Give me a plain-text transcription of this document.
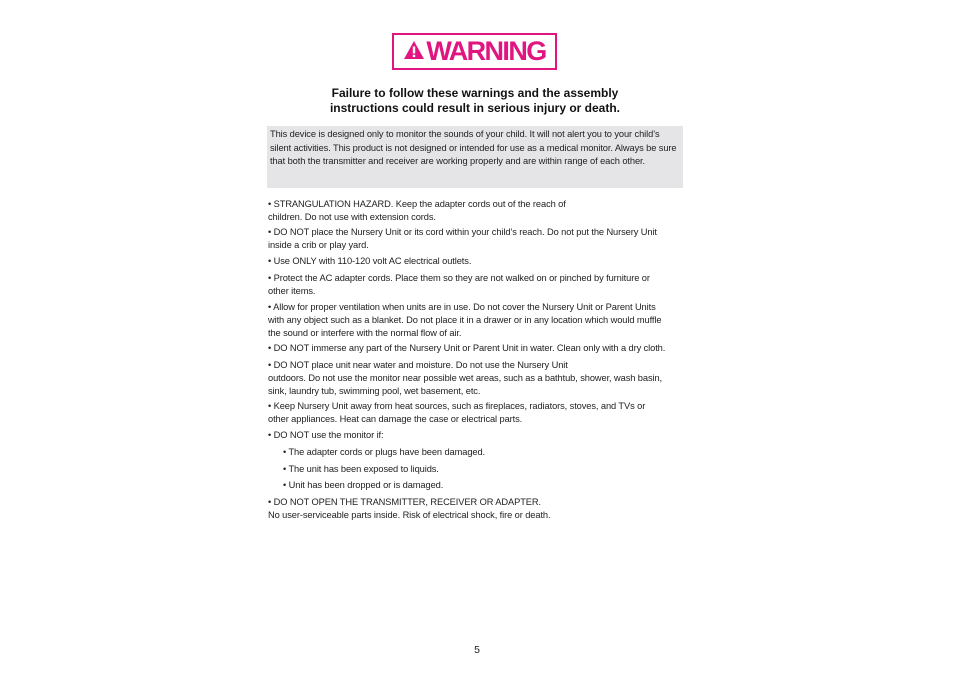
WARNING
Failure to follow these warnings and the assembly
instructions could result in serious injury or death.
This device is designed only to monitor the sounds of your child. It will not alert you to your child’s silent activities. This product is not designed or intended for use as a medical monitor. Always be sure that both the transmitter and receiver are working properly and are within range of each other.
• STRANGULATION HAZARD. Keep the adapter cords out of the reach of
children. Do not use with extension cords.
• DO NOT place the Nursery Unit or its cord within your child’s reach. Do not put the Nursery Unit
inside a crib or play yard.
• Use ONLY with 110-120 volt AC electrical outlets.
• Protect the AC adapter cords. Place them so they are not walked on or pinched by furniture or
other items.
• Allow for proper ventilation when units are in use. Do not cover the Nursery Unit or Parent Units
with any object such as a blanket. Do not place it in a drawer or in any location which would muffle
the sound or interfere with the normal flow of air.
• DO NOT immerse any part of the Nursery Unit or Parent Unit in water. Clean only with a dry cloth.
• DO NOT place unit near water and moisture. Do not use the Nursery Unit
outdoors. Do not use the monitor near possible wet areas, such as a bathtub, shower, wash basin,
sink, laundry tub, swimming pool, wet basement, etc.
• Keep Nursery Unit away from heat sources, such as fireplaces, radiators, stoves, and TVs or
other appliances. Heat can damage the case or electrical parts.
• DO NOT use the monitor if:
• The adapter cords or plugs have been damaged.
• The unit has been exposed to liquids.
• Unit has been dropped or is damaged.
• DO NOT OPEN THE TRANSMITTER, RECEIVER OR ADAPTER.
No user-serviceable parts inside. Risk of electrical shock, fire or death.
5
